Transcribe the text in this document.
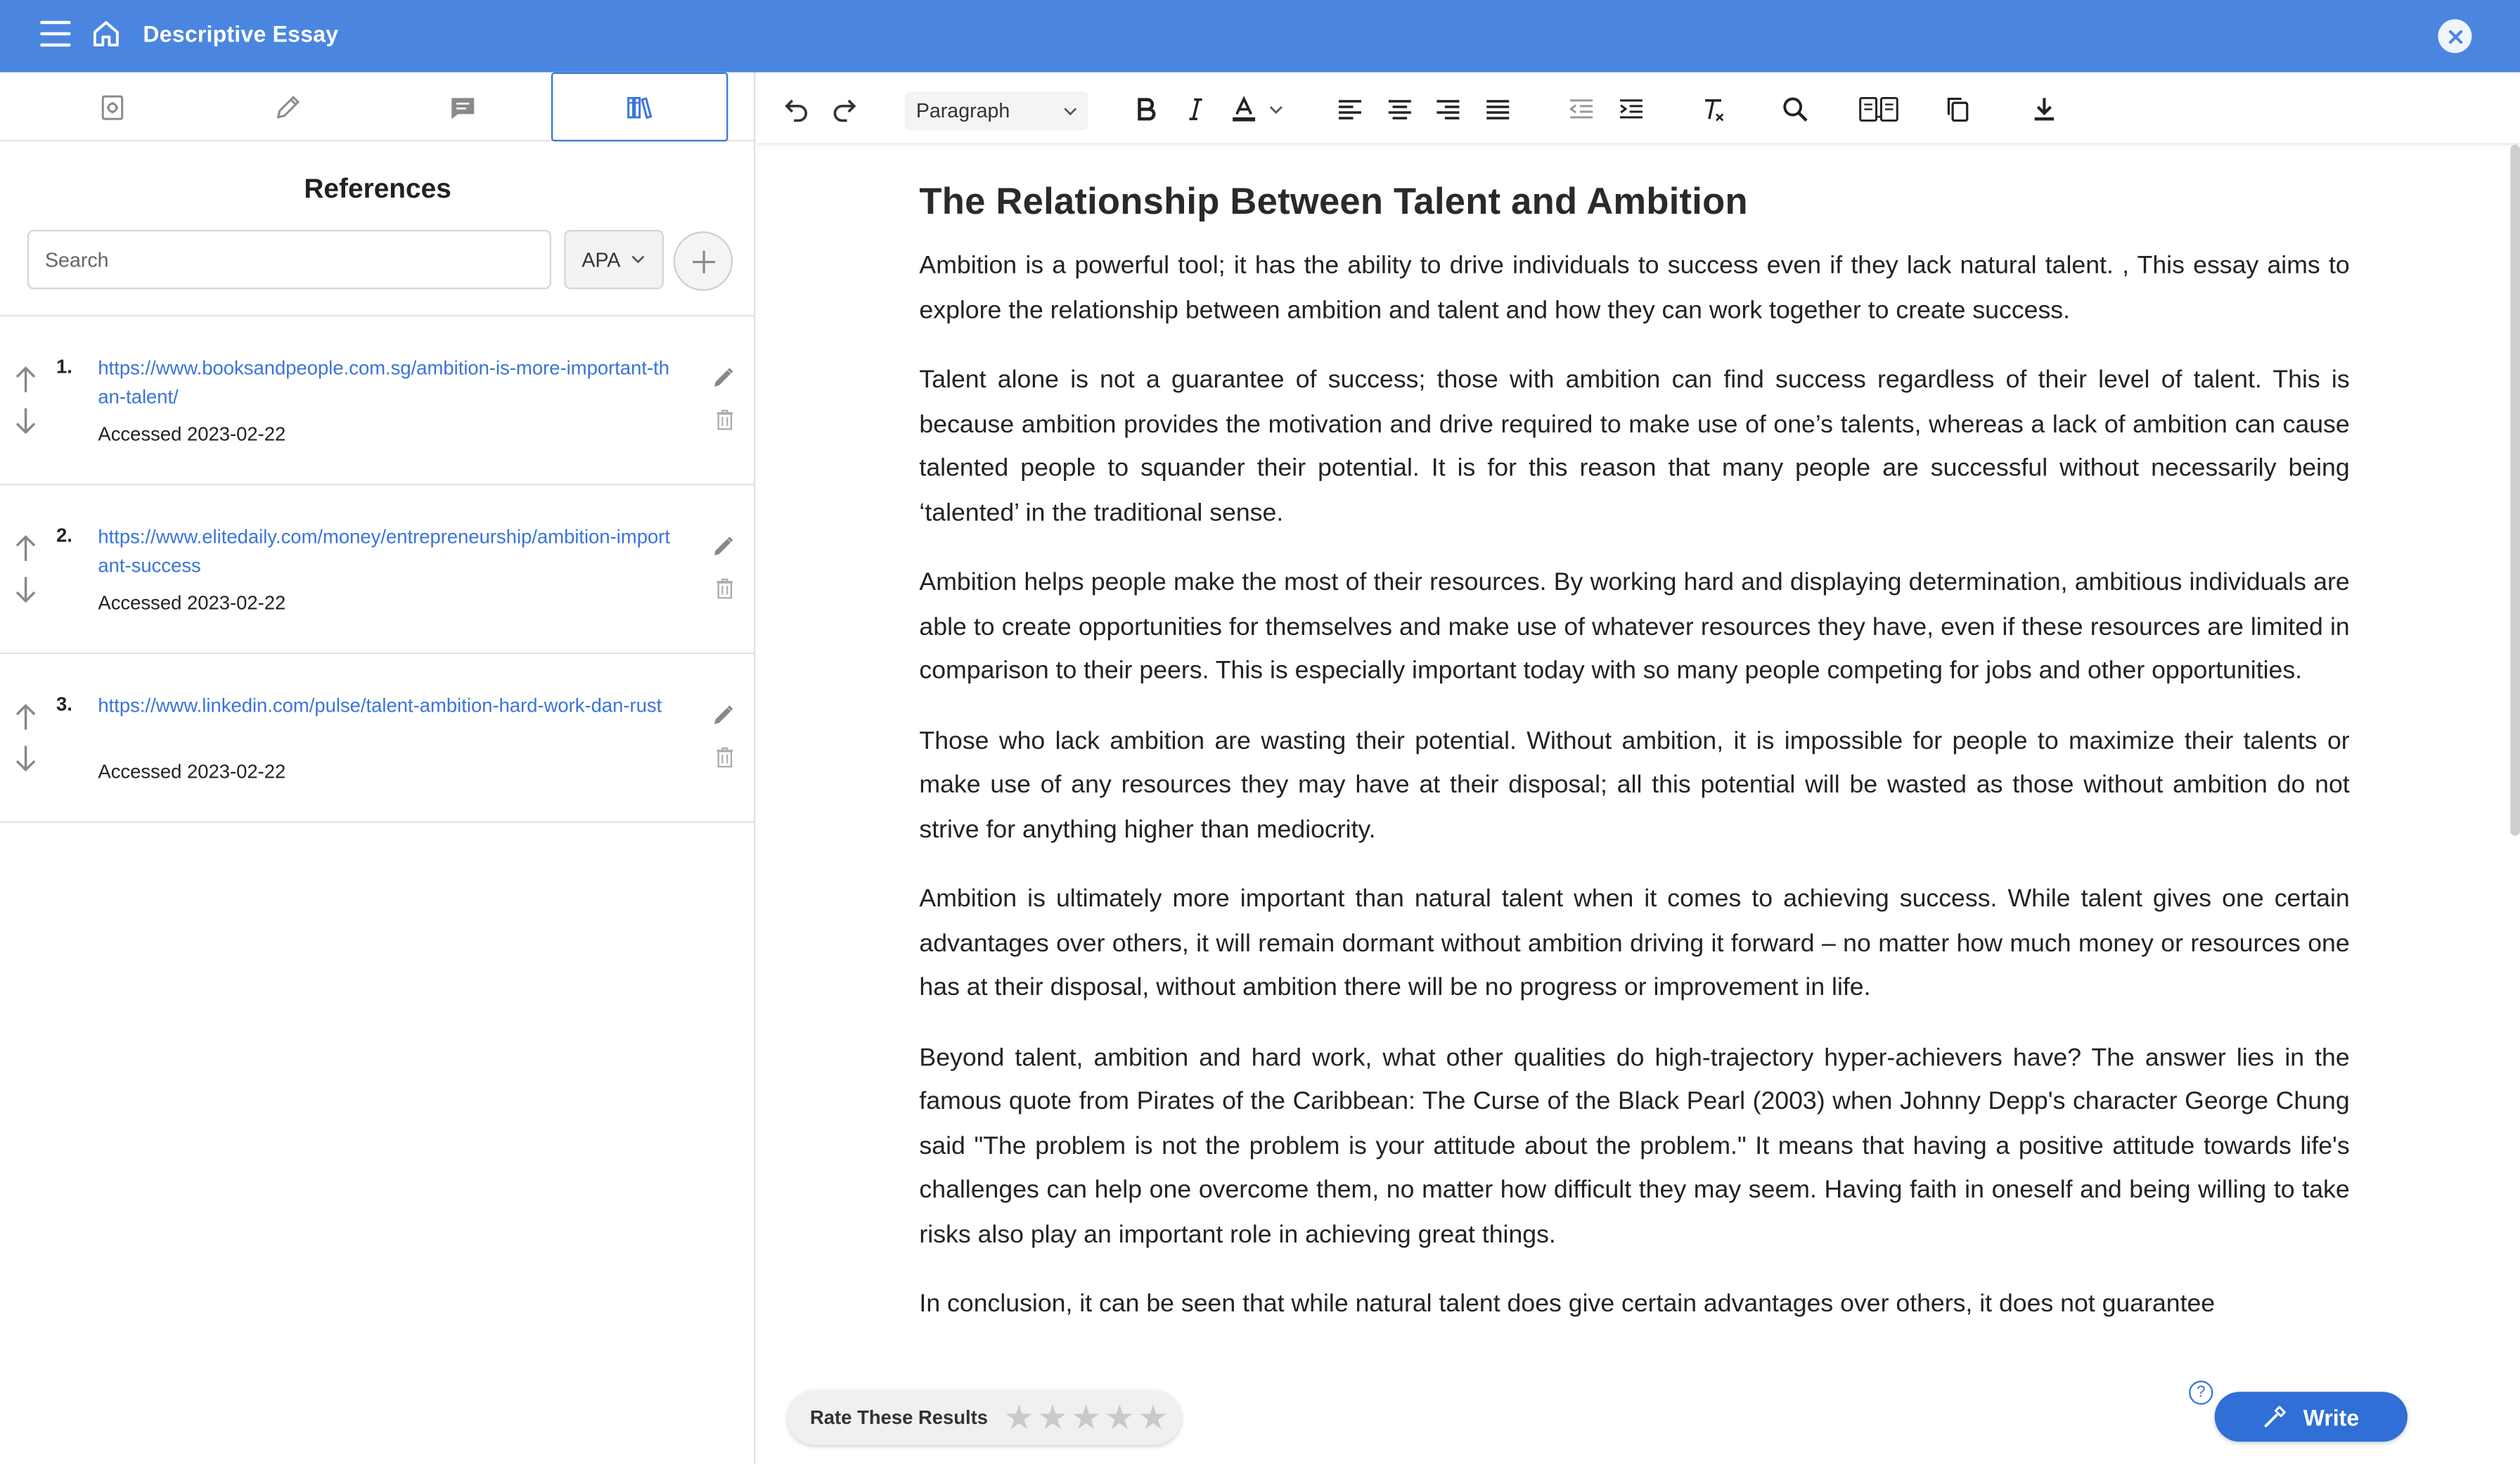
Descriptive Essay
References
Search
APA
1.	https://www.booksandpeople.com.sg/ambition-is-more-important-than-talent/
Accessed 2023-02-22
2.	https://www.elitedaily.com/money/entrepreneurship/ambition-important-success
Accessed 2023-02-22
3.	https://www.linkedin.com/pulse/talent-ambition-hard-work-dan-rust
Accessed 2023-02-22
Paragraph
The Relationship Between Talent and Ambition

Ambition is a powerful tool; it has the ability to drive individuals to success even if they lack natural talent. , This essay aims to explore the relationship between ambition and talent and how they can work together to create success.

Talent alone is not a guarantee of success; those with ambition can find success regardless of their level of talent. This is because ambition provides the motivation and drive required to make use of one’s talents, whereas a lack of ambition can cause talented people to squander their potential. It is for this reason that many people are successful without necessarily being ‘talented’ in the traditional sense.

Ambition helps people make the most of their resources. By working hard and displaying determination, ambitious individuals are able to create opportunities for themselves and make use of whatever resources they have, even if these resources are limited in comparison to their peers. This is especially important today with so many people competing for jobs and other opportunities.

Those who lack ambition are wasting their potential. Without ambition, it is impossible for people to maximize their talents or make use of any resources they may have at their disposal; all this potential will be wasted as those without ambition do not strive for anything higher than mediocrity.

Ambition is ultimately more important than natural talent when it comes to achieving success. While talent gives one certain advantages over others, it will remain dormant without ambition driving it forward – no matter how much money or resources one has at their disposal, without ambition there will be no progress or improvement in life.

Beyond talent, ambition and hard work, what other qualities do high-trajectory hyper-achievers have? The answer lies in the famous quote from Pirates of the Caribbean: The Curse of the Black Pearl (2003) when Johnny Depp's character George Chung said "The problem is not the problem is your attitude about the problem." It means that having a positive attitude towards life's challenges can help one overcome them, no matter how difficult they may seem. Having faith in oneself and being willing to take risks also play an important role in achieving great things.

In conclusion, it can be seen that while natural talent does give certain advantages over others, it does not guarantee

Rate These Results ★ ★ ★ ★ ★
?
Write
